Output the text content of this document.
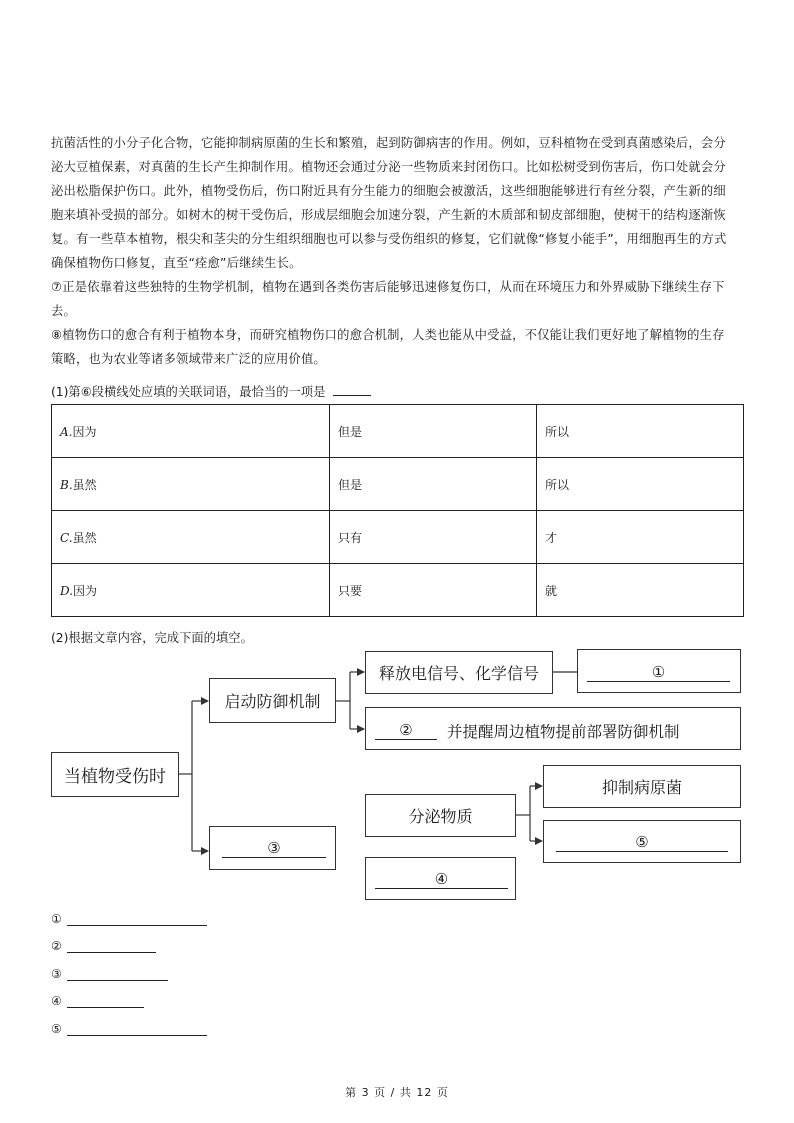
抗菌活性的小分子化合物，它能抑制病原菌的生长和繁殖，起到防御病害的作用。例如，豆科植物在受到真菌感染后，会分
泌大豆植保素，对真菌的生长产生抑制作用。植物还会通过分泌一些物质来封闭伤口。比如松树受到伤害后，伤口处就会分
泌出松脂保护伤口。此外，植物受伤后，伤口附近具有分生能力的细胞会被激活，这些细胞能够进行有丝分裂，产生新的细
胞来填补受损的部分。如树木的树干受伤后，形成层细胞会加速分裂，产生新的木质部和韧皮部细胞，使树干的结构逐渐恢
复。有一些草本植物，根尖和茎尖的分生组织细胞也可以参与受伤组织的修复，它们就像“修复小能手”，用细胞再生的方式
确保植物伤口修复，直至“痊愈”后继续生长。
⑦正是依靠着这些独特的生物学机制，植物在遇到各类伤害后能够迅速修复伤口，从而在环境压力和外界威胁下继续生存下
去。
⑧植物伤口的愈合有利于植物本身，而研究植物伤口的愈合机制，人类也能从中受益，不仅能让我们更好地了解植物的生存
策略，也为农业等诸多领域带来广泛的应用价值。
(1)第⑥段横线处应填的关联词语，最恰当的一项是
A.因为	但是	所以
B.虽然	但是	所以
C.虽然	只有	才
D.因为	只要	就
(2)根据文章内容，完成下面的填空。
当植物受伤时
启动防御机制
释放电信号、化学信号	①
②	并提醒周边植物提前部署防御机制
③
分泌物质
抑制病原菌
⑤
④
①
②
③
④
⑤
第 3 页 / 共 12 页
